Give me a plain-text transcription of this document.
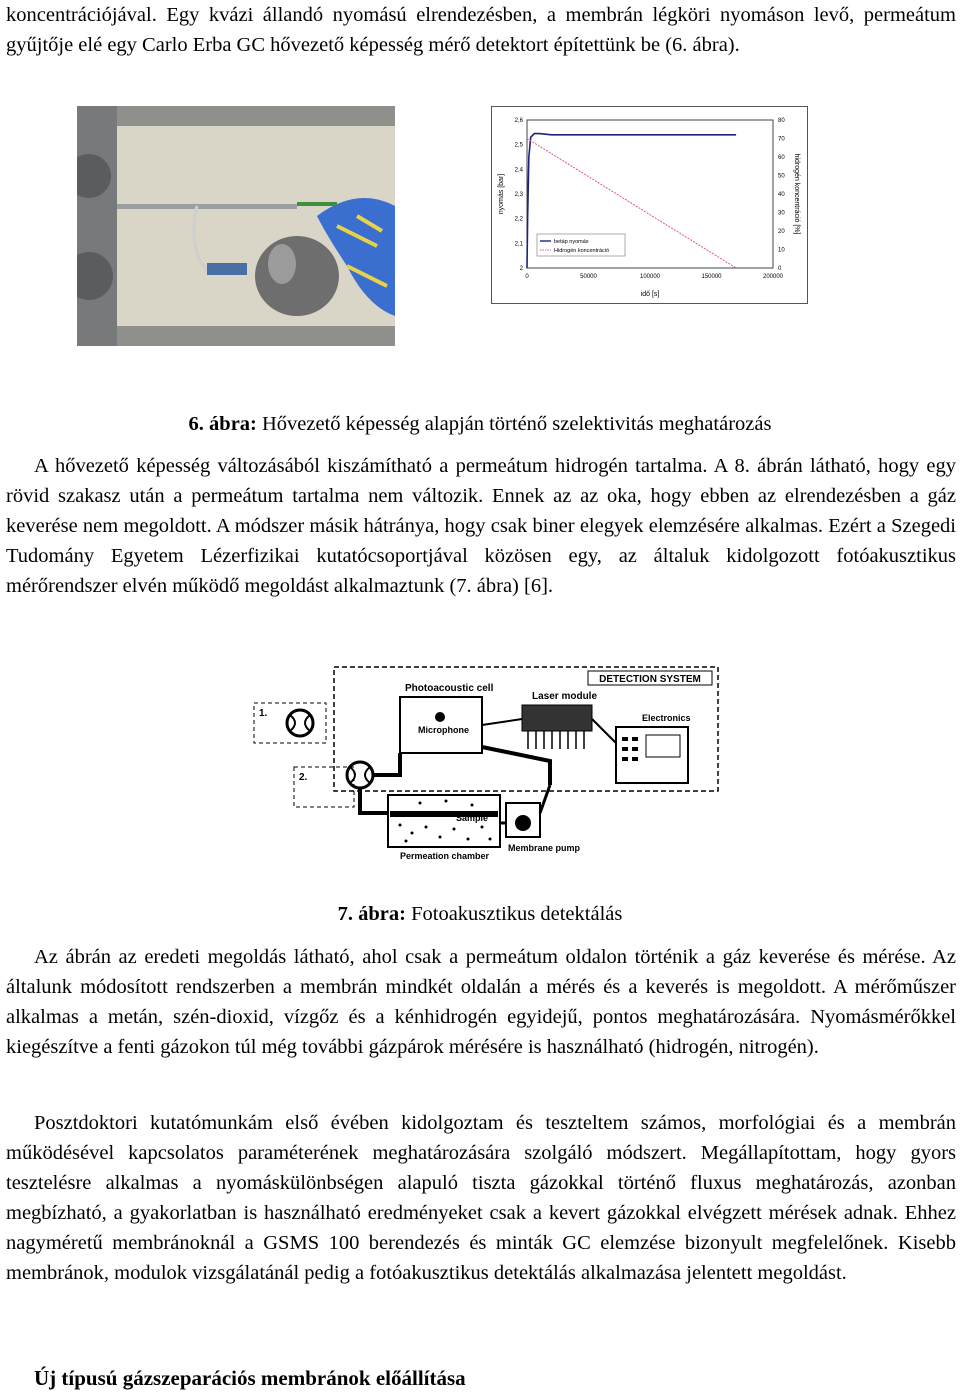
koncentrációjával. Egy kvázi állandó nyomású elrendezésben, a membrán légköri nyomáson levő, permeátum gyűjtője elé egy Carlo Erba GC hővezető képesség mérő detektort építettünk be (6. ábra).

0	50000	100000	150000	200000
2
2,1
2,2
2,3
2,4
2,5
2,6
0
10
20
30
40
50
60
70
80
idő [s]
nyomás [bar]	hidrogén koncentráció [%]
betáp nyomás
Hidrogén koncentráció

6. ábra: Hővezető képesség alapján történő szelektivitás meghatározás

A hővezető képesség változásából kiszámítható a permeátum hidrogén tartalma. A 8. ábrán látható, hogy egy rövid szakasz után a permeátum tartalma nem változik. Ennek az az oka, hogy ebben az elrendezésben a gáz keverése nem megoldott. A módszer másik hátránya, hogy csak biner elegyek elemzésére alkalmas. Ezért a Szegedi Tudomány Egyetem Lézerfizikai kutatócsoportjával közösen egy, az általuk kidolgozott fotóakusztikus mérőrendszer elvén működő megoldást alkalmaztunk (7. ábra) [6].

DETECTION SYSTEM
1.
2.
Photoacoustic cell
Microphone
Laser module
Electronics
Sample
Permeation chamber
Membrane pump

7. ábra: Fotoakusztikus detektálás

Az ábrán az eredeti megoldás látható, ahol csak a permeátum oldalon történik a gáz keverése és mérése. Az általunk módosított rendszerben a membrán mindkét oldalán a mérés és a keverés is megoldott. A mérőműszer alkalmas a metán, szén-dioxid, vízgőz és a kénhidrogén egyidejű, pontos meghatározására. Nyomásmérőkkel kiegészítve a fenti gázokon túl még további gázpárok mérésére is használható (hidrogén, nitrogén).

Posztdoktori kutatómunkám első évében kidolgoztam és teszteltem számos, morfológiai és a membrán működésével kapcsolatos paraméterének meghatározására szolgáló módszert. Megállapítottam, hogy gyors tesztelésre alkalmas a nyomáskülönbségen alapuló tiszta gázokkal történő fluxus meghatározás, azonban megbízható, a gyakorlatban is használható eredményeket csak a kevert gázokkal elvégzett mérések adnak. Ehhez nagyméretű membránoknál a GSMS 100 berendezés és minták GC elemzése bizonyult megfelelőnek. Kisebb membránok, modulok vizsgálatánál pedig a fotóakusztikus detektálás alkalmazása jelentett megoldást.

Új típusú gázszeparációs membránok előállítása
